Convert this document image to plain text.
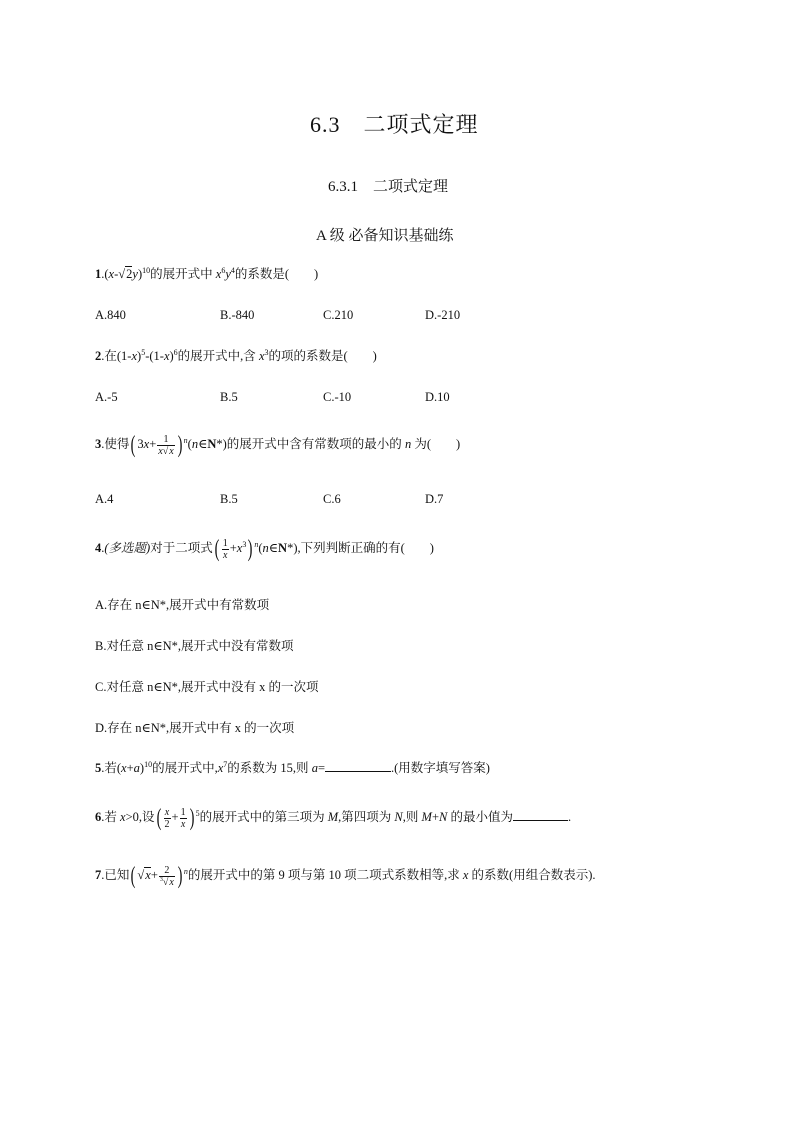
6.3　二项式定理
6.3.1　二项式定理
A 级 必备知识基础练
$1.(x-√2y)^{10}$的展开式中 $x^6y^4$的系数是(　　)
A.840	B.-840	C.210	D.-210
2.在$(1-x)^5-(1-x)^6$的展开式中,含 $x^3$的项的系数是(　　)
A.-5	B.5	C.-10	D.10
3.使得( $3x+ \frac{1}{x√x}$ ) $^n$(n∈N*)的展开式中含有常数项的最小的 n 为(　　)
A.4	B.5	C.6	D.7
4.(多选题)对于二项式( $\frac{1}{x} +x^3$) $^n$(n∈N*),下列判断正确的有(　　)
A.存在 n∈N*,展开式中有常数项
B.对任意 n∈N*,展开式中没有常数项
C.对任意 n∈N*,展开式中没有 x 的一次项
D.存在 n∈N*,展开式中有 x 的一次项
5.若$(x+a)^{10}$的展开式中$,x^7$的系数为 15,则 a=	.(用数字填写答案)
6.若 x>0,设( $\frac{x}{2} + \frac{1}{x}$ ) $^5$的展开式中的第三项为 M,第四项为 N,则 M+N 的最小值为	.
7.已知( $√x+ \frac{2}{^3√x}$ ) $^n$的展开式中的第 9 项与第 10 项二项式系数相等,求 x 的系数(用组合数表示).
